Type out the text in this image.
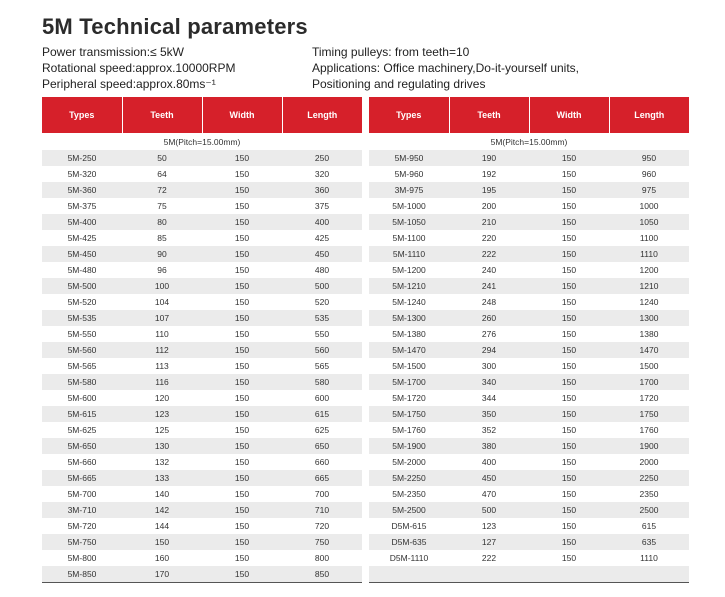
5M Technical parameters
Power transmission:≤ 5kW
Rotational speed:approx.10000RPM
Peripheral speed:approx.80ms⁻¹
Timing pulleys: from teeth=10
Applications: Office machinery,Do-it-yourself units,
Positioning and regulating drives
Types	Teeth	Width	Length
5M(Pitch=15.00mm)			
5M-250	50	150	250
5M-320	64	150	320
5M-360	72	150	360
5M-375	75	150	375
5M-400	80	150	400
5M-425	85	150	425
5M-450	90	150	450
5M-480	96	150	480
5M-500	100	150	500
5M-520	104	150	520
5M-535	107	150	535
5M-550	110	150	550
5M-560	112	150	560
5M-565	113	150	565
5M-580	116	150	580
5M-600	120	150	600
5M-615	123	150	615
5M-625	125	150	625
5M-650	130	150	650
5M-660	132	150	660
5M-665	133	150	665
5M-700	140	150	700
3M-710	142	150	710
5M-720	144	150	720
5M-750	150	150	750
5M-800	160	150	800
5M-850	170	150	850
Types	Teeth	Width	Length
5M(Pitch=15.00mm)			
5M-950	190	150	950
5M-960	192	150	960
3M-975	195	150	975
5M-1000	200	150	1000
5M-1050	210	150	1050
5M-1100	220	150	1100
5M-1110	222	150	1110
5M-1200	240	150	1200
5M-1210	241	150	1210
5M-1240	248	150	1240
5M-1300	260	150	1300
5M-1380	276	150	1380
5M-1470	294	150	1470
5M-1500	300	150	1500
5M-1700	340	150	1700
5M-1720	344	150	1720
5M-1750	350	150	1750
5M-1760	352	150	1760
5M-1900	380	150	1900
5M-2000	400	150	2000
5M-2250	450	150	2250
5M-2350	470	150	2350
5M-2500	500	150	2500
D5M-615	123	150	615
D5M-635	127	150	635
D5M-1110	222	150	1110
